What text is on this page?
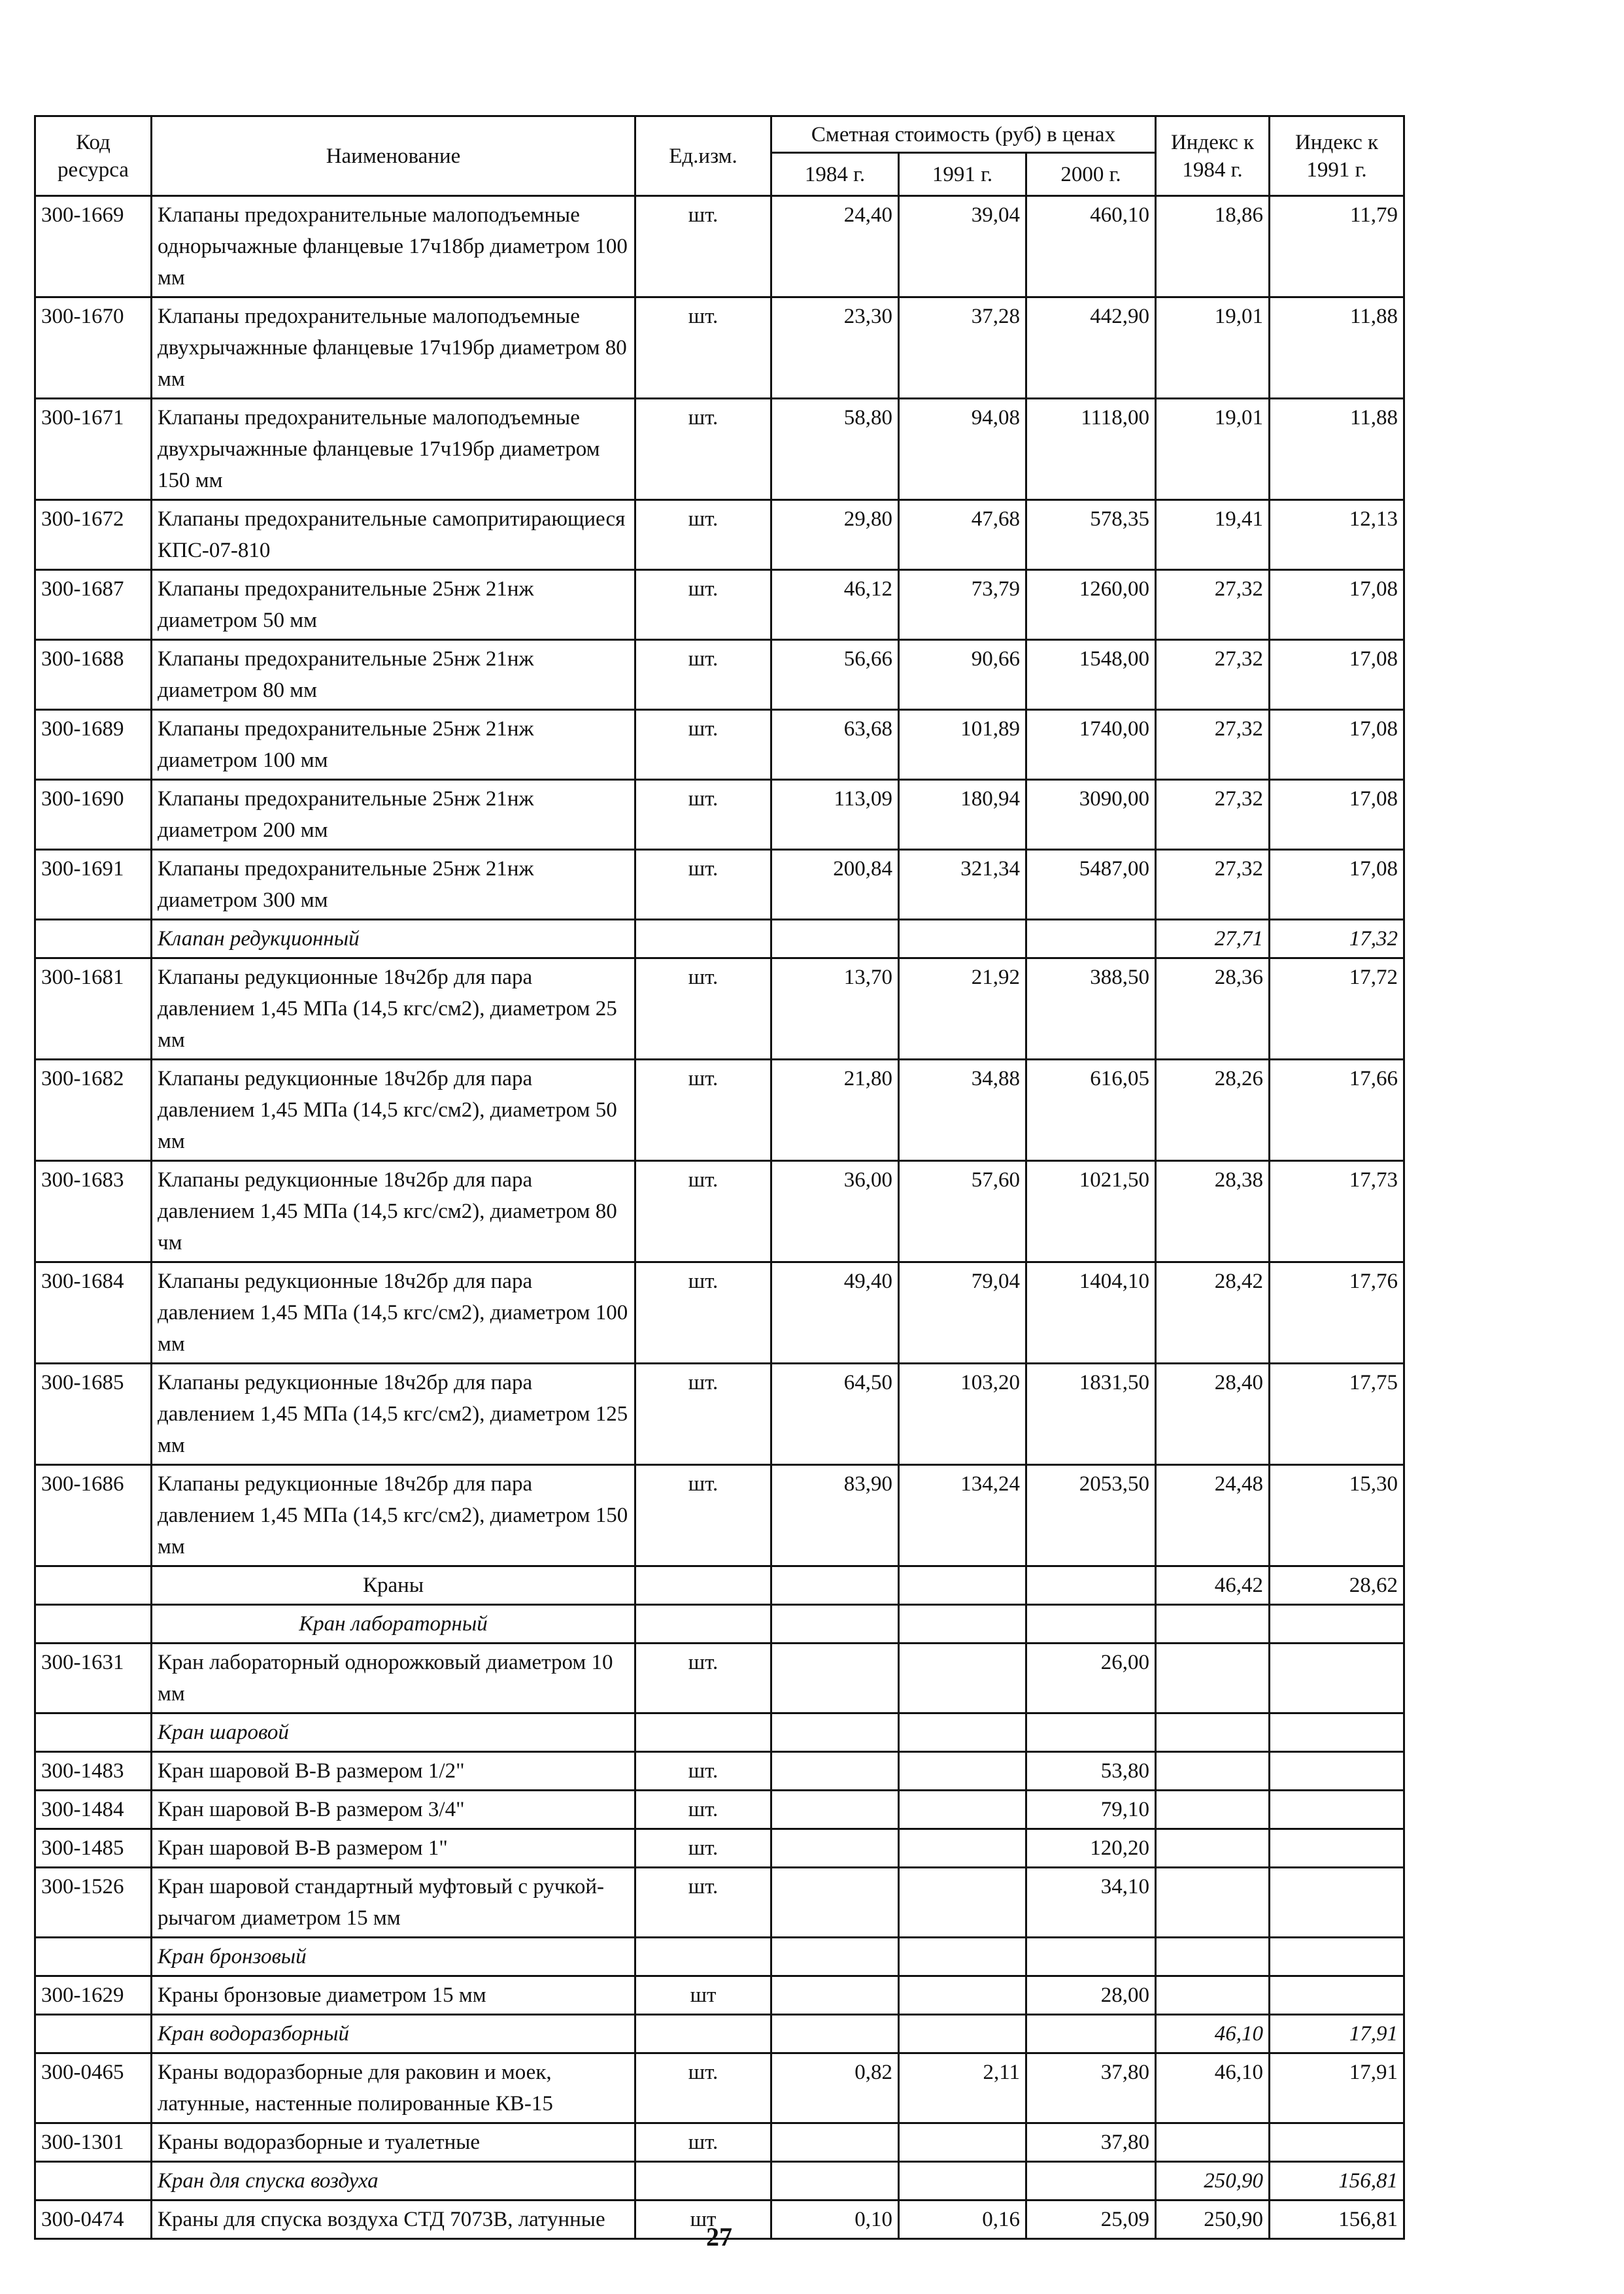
Код ресурса	Наименование	Ед.изм.	Сметная стоимость (руб) в ценах			Индекс к 1984 г.	Индекс к 1991 г.
			1984 г.	1991 г.	2000 г.		
300-1669	Клапаны предохранительные малоподъемные однорычажные фланцевые 17ч18бр диаметром 100 мм	шт.	24,40	39,04	460,10	18,86	11,79
300-1670	Клапаны предохранительные малоподъемные двухрычажнные фланцевые 17ч19бр диаметром 80 мм	шт.	23,30	37,28	442,90	19,01	11,88
300-1671	Клапаны предохранительные малоподъемные двухрычажнные фланцевые 17ч19бр диаметром 150 мм	шт.	58,80	94,08	1118,00	19,01	11,88
300-1672	Клапаны предохранительные самопритирающиеся КПС-07-810	шт.	29,80	47,68	578,35	19,41	12,13
300-1687	Клапаны предохранительные 25нж 21нж диаметром 50 мм	шт.	46,12	73,79	1260,00	27,32	17,08
300-1688	Клапаны предохранительные 25нж 21нж диаметром 80 мм	шт.	56,66	90,66	1548,00	27,32	17,08
300-1689	Клапаны предохранительные 25нж 21нж диаметром 100 мм	шт.	63,68	101,89	1740,00	27,32	17,08
300-1690	Клапаны предохранительные 25нж 21нж диаметром 200 мм	шт.	113,09	180,94	3090,00	27,32	17,08
300-1691	Клапаны предохранительные 25нж 21нж диаметром 300 мм	шт.	200,84	321,34	5487,00	27,32	17,08
	Клапан редукционный					27,71	17,32
300-1681	Клапаны редукционные 18ч2бр для пара давлением 1,45 МПа (14,5 кгс/см2), диаметром 25 мм	шт.	13,70	21,92	388,50	28,36	17,72
300-1682	Клапаны редукционные 18ч2бр для пара давлением 1,45 МПа (14,5 кгс/см2), диаметром 50 мм	шт.	21,80	34,88	616,05	28,26	17,66
300-1683	Клапаны редукционные 18ч2бр для пара давлением 1,45 МПа (14,5 кгс/см2), диаметром 80 чм	шт.	36,00	57,60	1021,50	28,38	17,73
300-1684	Клапаны редукционные 18ч2бр для пара давлением 1,45 МПа (14,5 кгс/см2), диаметром 100 мм	шт.	49,40	79,04	1404,10	28,42	17,76
300-1685	Клапаны редукционные 18ч2бр для пара давлением 1,45 МПа (14,5 кгс/см2), диаметром 125 мм	шт.	64,50	103,20	1831,50	28,40	17,75
300-1686	Клапаны редукционные 18ч2бр для пара давлением 1,45 МПа (14,5 кгс/см2), диаметром 150 мм	шт.	83,90	134,24	2053,50	24,48	15,30
	Краны					46,42	28,62
	Кран лабораторный						
300-1631	Кран лабораторный однорожковый диаметром 10 мм	шт.			26,00		
	Кран шаровой						
300-1483	Кран шаровой В-В размером 1/2"	шт.			53,80		
300-1484	Кран шаровой В-В размером 3/4"	шт.			79,10		
300-1485	Кран шаровой В-В размером 1"	шт.			120,20		
300-1526	Кран шаровой стандартный муфтовый с ручкой-рычагом диаметром 15 мм	шт.			34,10		
	Кран бронзовый						
300-1629	Краны бронзовые диаметром 15 мм	шт			28,00		
	Кран водоразборный					46,10	17,91
300-0465	Краны водоразборные для раковин и моек, латунные, настенные полированные КВ-15	шт.	0,82	2,11	37,80	46,10	17,91
300-1301	Краны водоразборные и туалетные	шт.			37,80		
	Кран для спуска воздуха					250,90	156,81
300-0474	Краны для спуска воздуха СТД 7073В, латунные	шт	0,10	0,16	25,09	250,90	156,81
27
